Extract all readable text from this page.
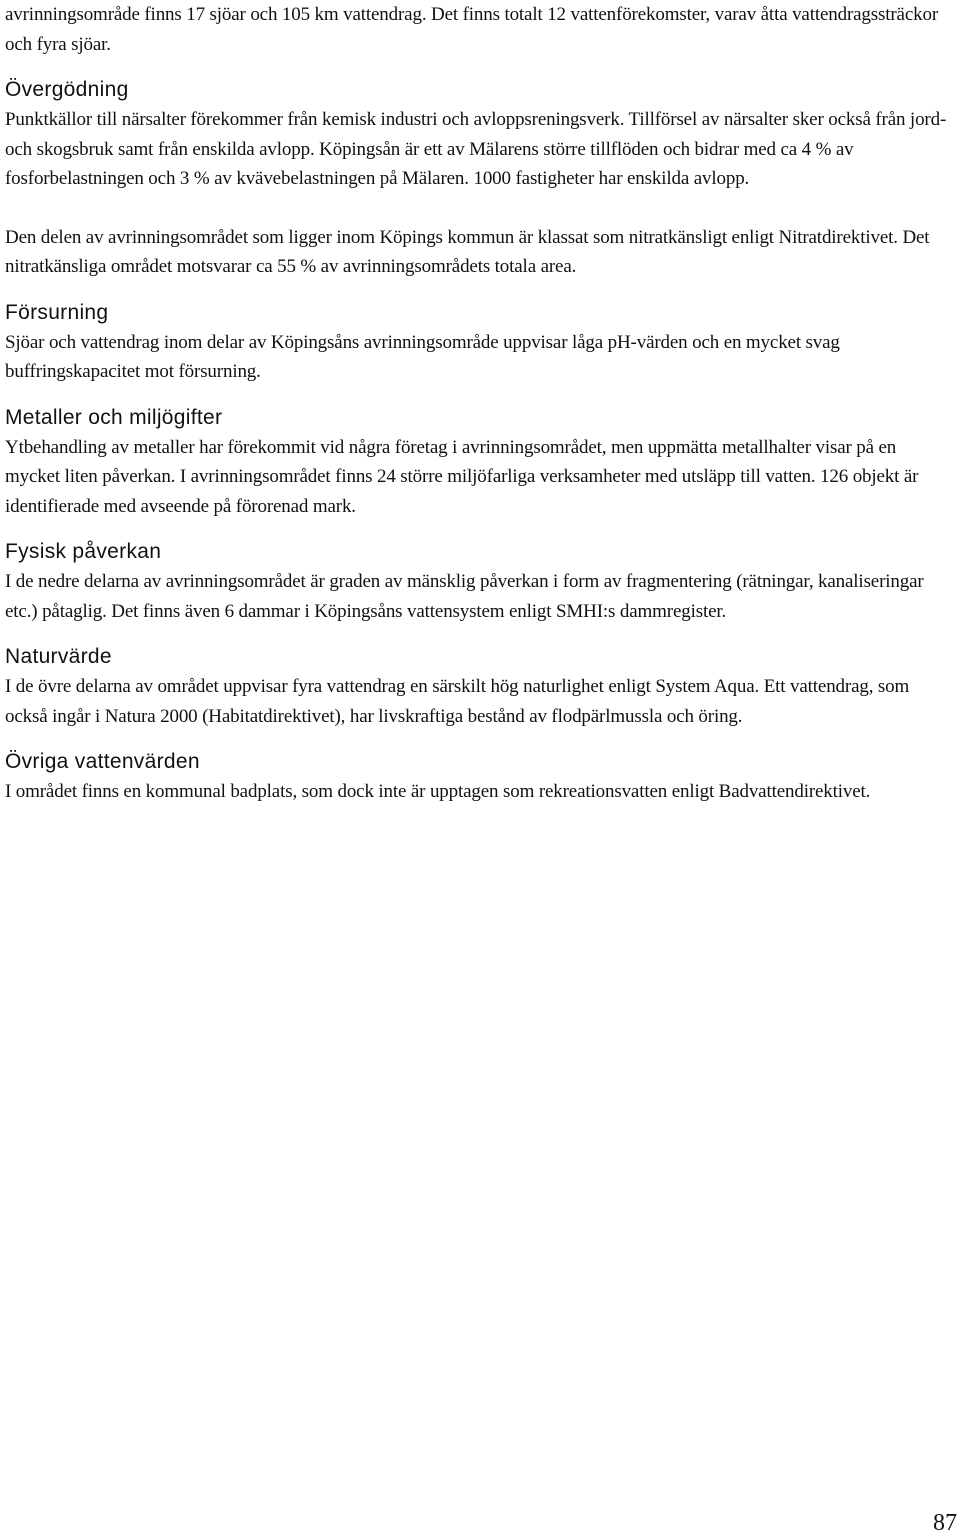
avrinningsområde finns 17 sjöar och 105 km vattendrag. Det finns totalt 12 vattenförekomster, varav åtta vattendragssträckor och fyra sjöar.

Övergödning

Punktkällor till närsalter förekommer från kemisk industri och avloppsreningsverk. Tillförsel av närsalter sker också från jord- och skogsbruk samt från enskilda avlopp. Köpingsån är ett av Mälarens större tillflöden och bidrar med ca 4 % av fosforbelastningen och 3 % av kvävebelastningen på Mälaren. 1000 fastigheter har enskilda avlopp.

Den delen av avrinningsområdet som ligger inom Köpings kommun är klassat som nitratkänsligt enligt Nitratdirektivet. Det nitratkänsliga området motsvarar ca 55 % av avrinningsområdets totala area.

Försurning

Sjöar och vattendrag inom delar av Köpingsåns avrinningsområde uppvisar låga pH-värden och en mycket svag buffringskapacitet mot försurning.

Metaller och miljögifter

Ytbehandling av metaller har förekommit vid några företag i avrinningsområdet, men uppmätta metallhalter visar på en mycket liten påverkan. I avrinningsområdet finns 24 större miljöfarliga verksamheter med utsläpp till vatten. 126 objekt är identifierade med avseende på förorenad mark.

Fysisk påverkan

I de nedre delarna av avrinningsområdet är graden av mänsklig påverkan i form av fragmentering (rätningar, kanaliseringar etc.) påtaglig. Det finns även 6 dammar i Köpingsåns vattensystem enligt SMHI:s dammregister.

Naturvärde

I de övre delarna av området uppvisar fyra vattendrag en särskilt hög naturlighet enligt System Aqua. Ett vattendrag, som också ingår i Natura 2000 (Habitatdirektivet), har livskraftiga bestånd av flodpärlmussla och öring.

Övriga vattenvärden

I området finns en kommunal badplats, som dock inte är upptagen som rekreationsvatten enligt Badvattendirektivet.

87
